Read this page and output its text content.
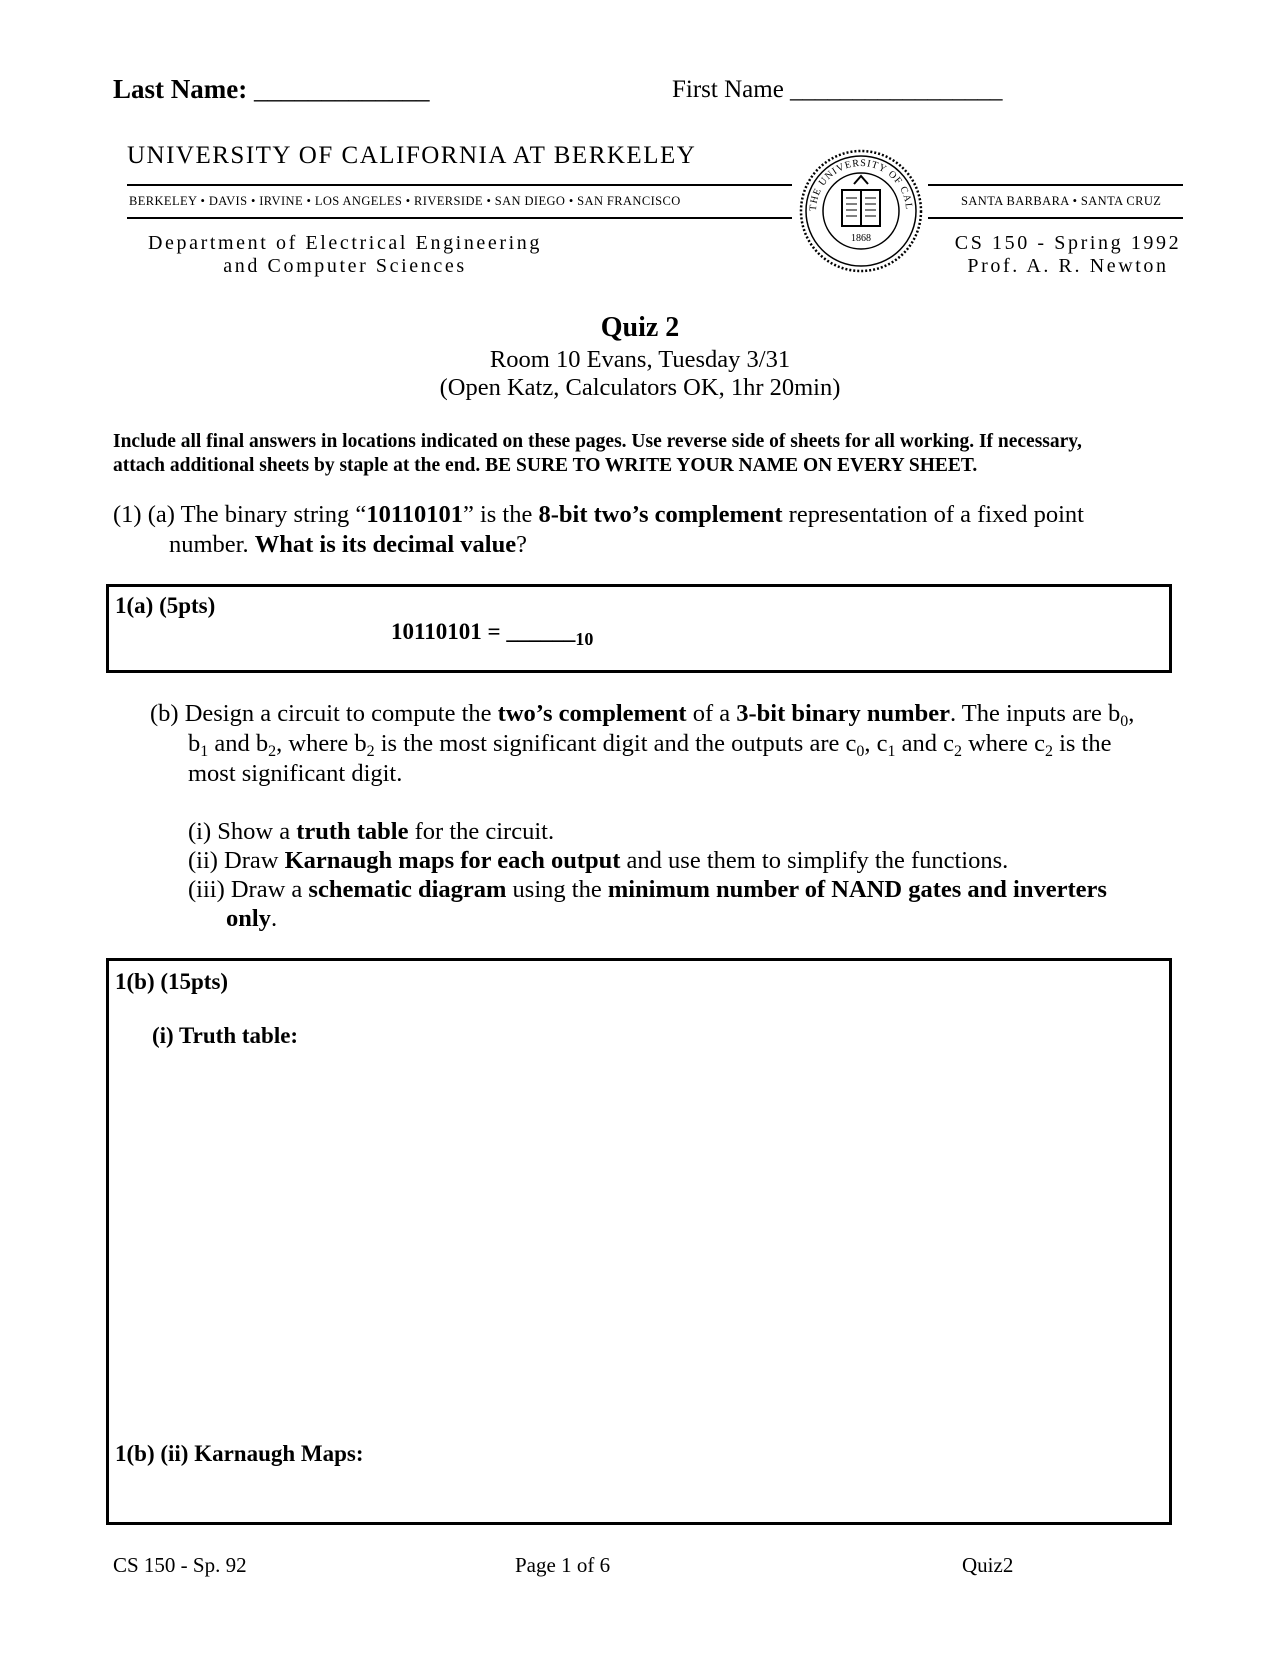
Last Name: _____________	First Name _________________
UNIVERSITY OF CALIFORNIA AT BERKELEY
BERKELEY • DAVIS • IRVINE • LOS ANGELES • RIVERSIDE • SAN DIEGO • SAN FRANCISCO	SANTA BARBARA • SANTA CRUZ
THE UNIVERSITY OF CAL
1868
Department of Electrical Engineering
and Computer Sciences
CS 150 - Spring 1992
Prof. A. R. Newton
Quiz 2
Room 10 Evans, Tuesday 3/31
(Open Katz, Calculators OK, 1hr 20min)
Include all final answers in locations indicated on these pages. Use reverse side of sheets for all working. If necessary,
attach additional sheets by staple at the end. BE SURE TO WRITE YOUR NAME ON EVERY SHEET.
(1) (a) The binary string “10110101” is the 8-bit two’s complement representation of a fixed point
number. What is its decimal value?
1(a) (5pts)
$10110101 = \_\_\_\_\_\__{10}$
(b) Design a circuit to compute the two’s complement of a 3-bit binary number. The inputs are $b_0$,
$b_1$ and $b_2$, where $b_2$ is the most significant digit and the outputs are $c_0$, $c_1$ and $c_2$ where $c_2$ is the
most significant digit.
(i) Show a truth table for the circuit.
(ii) Draw Karnaugh maps for each output and use them to simplify the functions.
(iii) Draw a schematic diagram using the minimum number of NAND gates and inverters
only.
1(b) (15pts)
(i) Truth table:
1(b) (ii) Karnaugh Maps:
CS 150 - Sp. 92	Page 1 of 6	Quiz2
